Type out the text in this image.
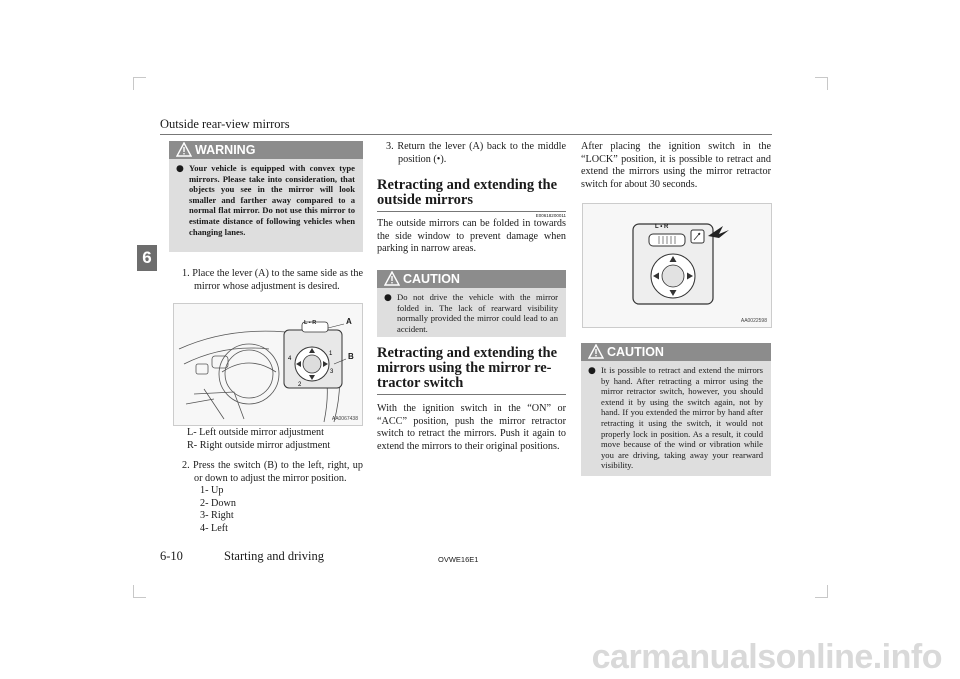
Outside rear-view mirrors
6
WARNING
● Your vehicle is equipped with convex type mirrors. Please take into consideration, that objects you see in the mirror will look smaller and farther away compared to a normal flat mirror. Do not use this mirror to estimate distance of following vehicles when changing lanes.

1. Place the lever (A) to the same side as the mirror whose adjustment is desired.

1
2
3
4
L • R	A
B
AA0067438
L- Left outside mirror adjustment
R- Right outside mirror adjustment

2. Press the switch (B) to the left, right, up or down to adjust the mirror position.

1- Up
2- Down
3- Right
4- Left

3. Return the lever (A) back to the middle position (•).

Retracting and extending the
outside mirrors

E00618200011

The outside mirrors can be folded in towards the side window to prevent damage when parking in narrow areas.

CAUTION
● Do not drive the vehicle with the mirror folded in. The lack of rearward visibility normally provided the mirror could lead to an accident.

Retracting and extending the
mirrors using the mirror re-
tractor switch

With the ignition switch in the “ON” or “ACC” position, push the mirror retractor switch to retract the mirrors. Push it again to extend the mirrors to their original positions.

After placing the ignition switch in the “LOCK” position, it is possible to retract and extend the mirrors using the mirror retractor switch for about 30 seconds.

L • R
AA0022598
CAUTION
● It is possible to retract and extend the mirrors by hand. After retracting a mirror using the mirror retractor switch, however, you should extend it by using the switch again, not by hand. If you extended the mirror by hand after retracting it using the switch, it would not properly lock in position. As a result, it could move because of the wind or vibration while you are driving, taking away your rearward visibility.

6-10	Starting and driving	OVWE16E1
carmanualsonline.info
